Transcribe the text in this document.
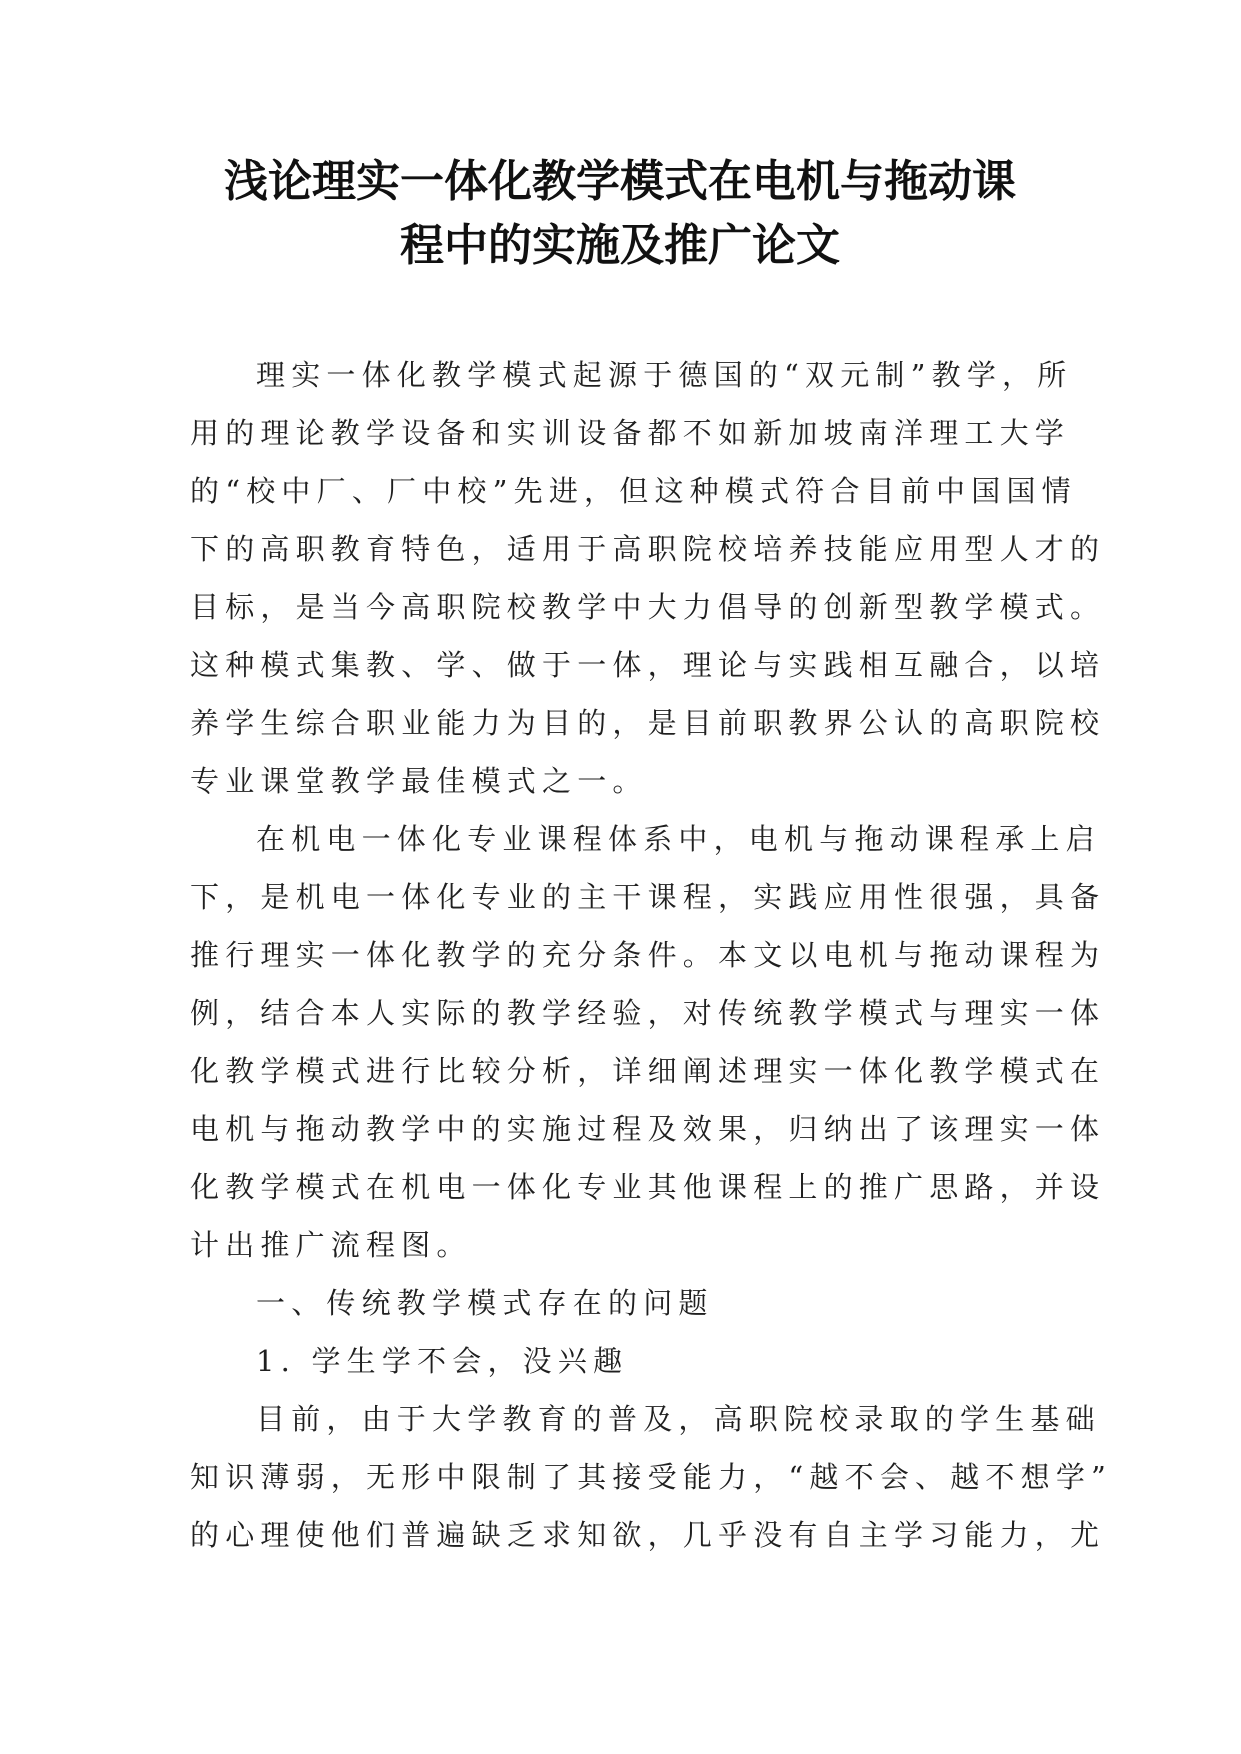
浅论理实一体化教学模式在电机与拖动课
程中的实施及推广论文
理实一体化教学模式起源于德国的“双元制”教学，所
用的理论教学设备和实训设备都不如新加坡南洋理工大学
的“校中厂、厂中校”先进，但这种模式符合目前中国国情
下的高职教育特色，适用于高职院校培养技能应用型人才的
目标，是当今高职院校教学中大力倡导的创新型教学模式。
这种模式集教、学、做于一体，理论与实践相互融合，以培
养学生综合职业能力为目的，是目前职教界公认的高职院校
专业课堂教学最佳模式之一。
在机电一体化专业课程体系中，电机与拖动课程承上启
下，是机电一体化专业的主干课程，实践应用性很强，具备
推行理实一体化教学的充分条件。本文以电机与拖动课程为
例，结合本人实际的教学经验，对传统教学模式与理实一体
化教学模式进行比较分析，详细阐述理实一体化教学模式在
电机与拖动教学中的实施过程及效果，归纳出了该理实一体
化教学模式在机电一体化专业其他课程上的推广思路，并设
计出推广流程图。
一、传统教学模式存在的问题
1. 学生学不会，没兴趣
目前，由于大学教育的普及，高职院校录取的学生基础
知识薄弱，无形中限制了其接受能力，“越不会、越不想学”
的心理使他们普遍缺乏求知欲，几乎没有自主学习能力，尤
